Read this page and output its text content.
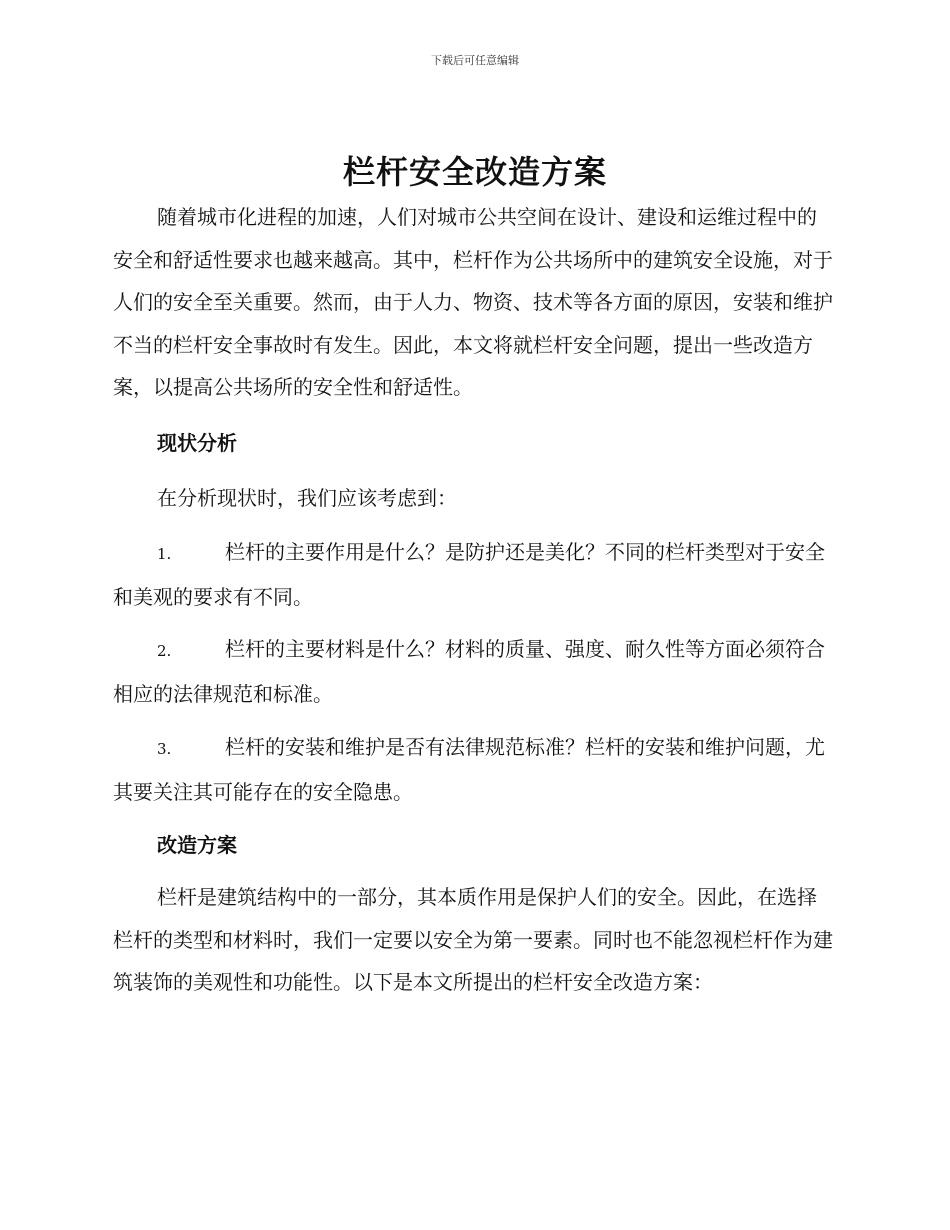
下载后可任意编辑
栏杆安全改造方案

随着城市化进程的加速，人们对城市公共空间在设计、建设和运维过程中的安全和舒适性要求也越来越高。其中，栏杆作为公共场所中的建筑安全设施，对于人们的安全至关重要。然而，由于人力、物资、技术等各方面的原因，安装和维护不当的栏杆安全事故时有发生。因此，本文将就栏杆安全问题，提出一些改造方案，以提高公共场所的安全性和舒适性。

现状分析

在分析现状时，我们应该考虑到：

1.	栏杆的主要作用是什么？是防护还是美化？不同的栏杆类型对于安全和美观的要求有不同。

2.	栏杆的主要材料是什么？材料的质量、强度、耐久性等方面必须符合相应的法律规范和标准。

3.	栏杆的安装和维护是否有法律规范标准？栏杆的安装和维护问题，尤其要关注其可能存在的安全隐患。

改造方案

栏杆是建筑结构中的一部分，其本质作用是保护人们的安全。因此，在选择栏杆的类型和材料时，我们一定要以安全为第一要素。同时也不能忽视栏杆作为建筑装饰的美观性和功能性。以下是本文所提出的栏杆安全改造方案：
